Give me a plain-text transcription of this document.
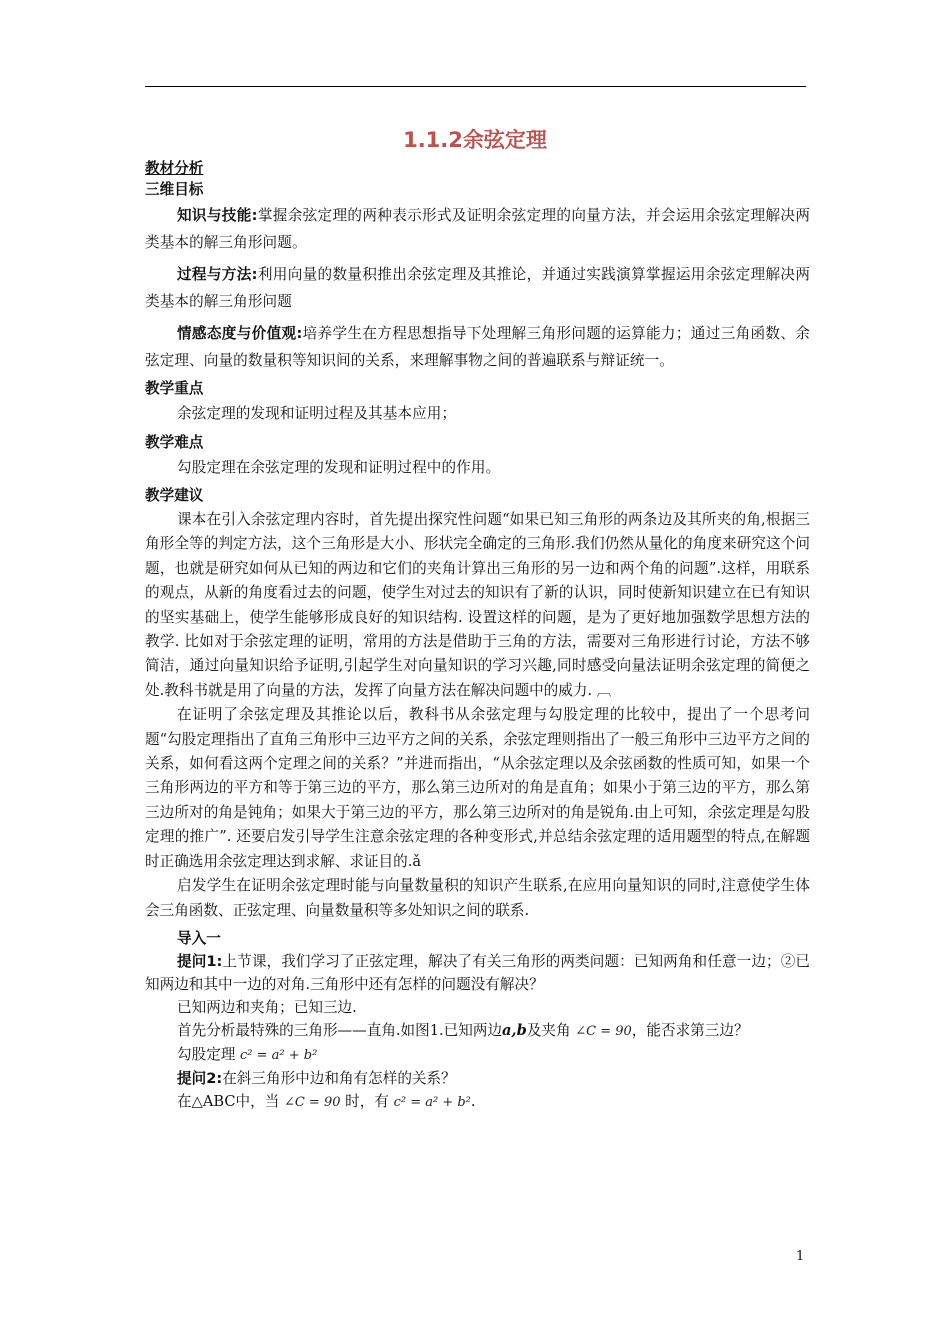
1.1.2余弦定理

教材分析

三维目标

知识与技能:掌握余弦定理的两种表示形式及证明余弦定理的向量方法，并会运用余弦定理解决两类基本的解三角形问题。

过程与方法:利用向量的数量积推出余弦定理及其推论，并通过实践演算掌握运用余弦定理解决两类基本的解三角形问题

情感态度与价值观:培养学生在方程思想指导下处理解三角形问题的运算能力；通过三角函数、余弦定理、向量的数量积等知识间的关系，来理解事物之间的普遍联系与辩证统一。

教学重点

余弦定理的发现和证明过程及其基本应用；

教学难点

勾股定理在余弦定理的发现和证明过程中的作用。

教学建议

课本在引入余弦定理内容时，首先提出探究性问题“如果已知三角形的两条边及其所夹的角,根据三角形全等的判定方法，这个三角形是大小、形状完全确定的三角形.我们仍然从量化的角度来研究这个问题，也就是研究如何从已知的两边和它们的夹角计算出三角形的另一边和两个角的问题”.这样，用联系的观点，从新的角度看过去的问题，使学生对过去的知识有了新的认识，同时使新知识建立在已有知识的坚实基础上，使学生能够形成良好的知识结构. 设置这样的问题，是为了更好地加强数学思想方法的教学. 比如对于余弦定理的证明，常用的方法是借助于三角的方法，需要对三角形进行讨论，方法不够简洁，通过向量知识给予证明,引起学生对向量知识的学习兴趣,同时感受向量法证明余弦定理的简便之处.教科书就是用了向量的方法，发挥了向量方法在解决问题中的威力. ︹

在证明了余弦定理及其推论以后，教科书从余弦定理与勾股定理的比较中，提出了一个思考问题“勾股定理指出了直角三角形中三边平方之间的关系，余弦定理则指出了一般三角形中三边平方之间的关系，如何看这两个定理之间的关系？”并进而指出，“从余弦定理以及余弦函数的性质可知，如果一个三角形两边的平方和等于第三边的平方，那么第三边所对的角是直角；如果小于第三边的平方，那么第三边所对的角是钝角；如果大于第三边的平方，那么第三边所对的角是锐角.由上可知，余弦定理是勾股定理的推广”. 还要启发引导学生注意余弦定理的各种变形式,并总结余弦定理的适用题型的特点,在解题时正确选用余弦定理达到求解、求证目的.ǎ

启发学生在证明余弦定理时能与向量数量积的知识产生联系,在应用向量知识的同时,注意使学生体会三角函数、正弦定理、向量数量积等多处知识之间的联系.

导入一

提问1:上节课，我们学习了正弦定理，解决了有关三角形的两类问题：已知两角和任意一边；②已知两边和其中一边的对角.三角形中还有怎样的问题没有解决？

已知两边和夹角；已知三边.

首先分析最特殊的三角形——直角.如图1.已知两边a,b及夹角 ∠C = 90，能否求第三边？

勾股定理 c² = a² + b²

提问2:在斜三角形中边和角有怎样的关系？

在△ABC中，当 ∠C = 90 时，有 c² = a² + b².

1
